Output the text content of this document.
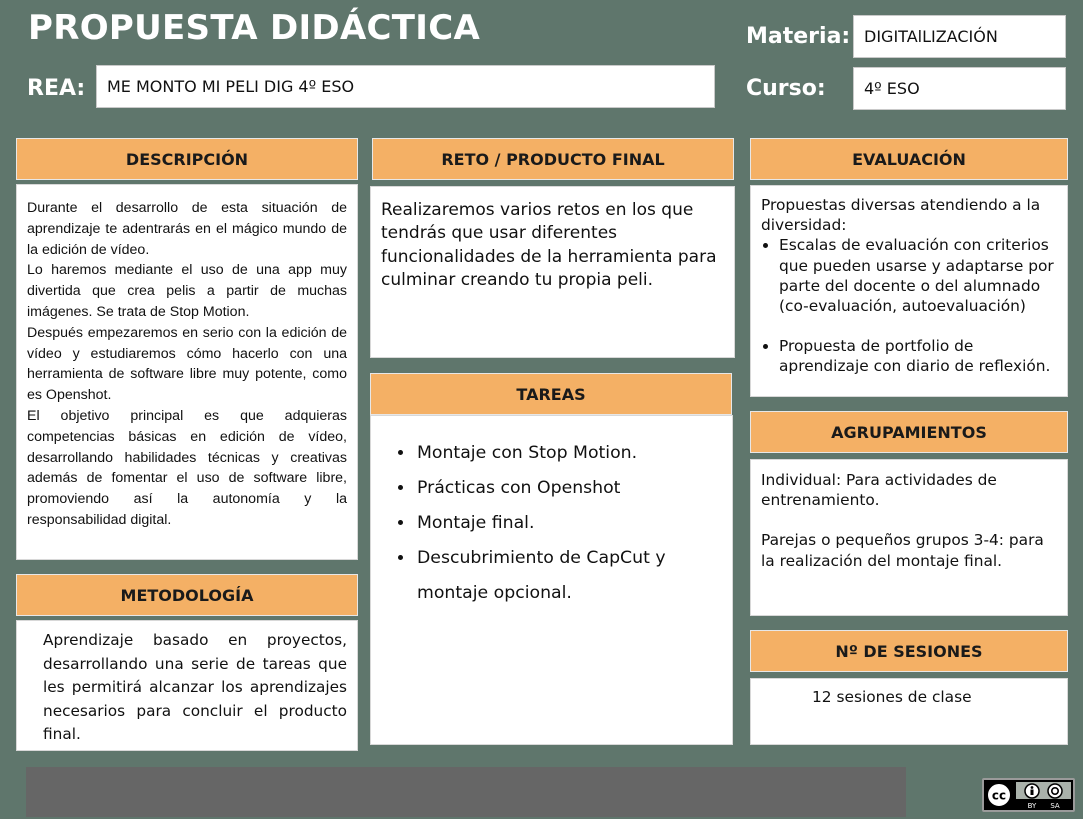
PROPUESTA DIDÁCTICA
REA:	ME MONTO MI PELI DIG 4º ESO
Materia: DIGITAlLIZACIÓN
Curso:	4º ESO
DESCRIPCIÓN

Durante el desarrollo de esta situación de aprendizaje te adentrarás en el mágico mundo de la edición de vídeo.

Lo haremos mediante el uso de una app muy divertida que crea pelis a partir de muchas imágenes. Se trata de Stop Motion.

Después empezaremos en serio con la edición de vídeo y estudiaremos cómo hacerlo con una herramienta de software libre muy potente, como es Openshot.

El objetivo principal es que adquieras competencias básicas en edición de vídeo, desarrollando habilidades técnicas y creativas además de fomentar el uso de software libre, promoviendo así la autonomía y la responsabilidad digital.

METODOLOGÍA

Aprendizaje basado en proyectos, desarrollando una serie de tareas que les permitirá alcanzar los aprendizajes necesarios para concluir el producto final.

RETO / PRODUCTO FINAL

Realizaremos varios retos en los que tendrás que usar diferentes funcionalidades de la herramienta para culminar creando tu propia peli.

TAREAS
• Montaje con Stop Motion.
• Prácticas con Openshot
• Montaje final.
• Descubrimiento de CapCut y montaje opcional.
EVALUACIÓN

Propuestas diversas atendiendo a la diversidad:

• Escalas de evaluación con criterios que pueden usarse y adaptarse por parte del docente o del alumnado (co-evaluación, autoevaluación)
• Propuesta de portfolio de aprendizaje con diario de reflexión.
AGRUPAMIENTOS

Individual: Para actividades de entrenamiento.

Parejas o pequeños grupos 3-4: para la realización del montaje final.

Nº DE SESIONES
12 sesiones de clase
cc
BY SA
